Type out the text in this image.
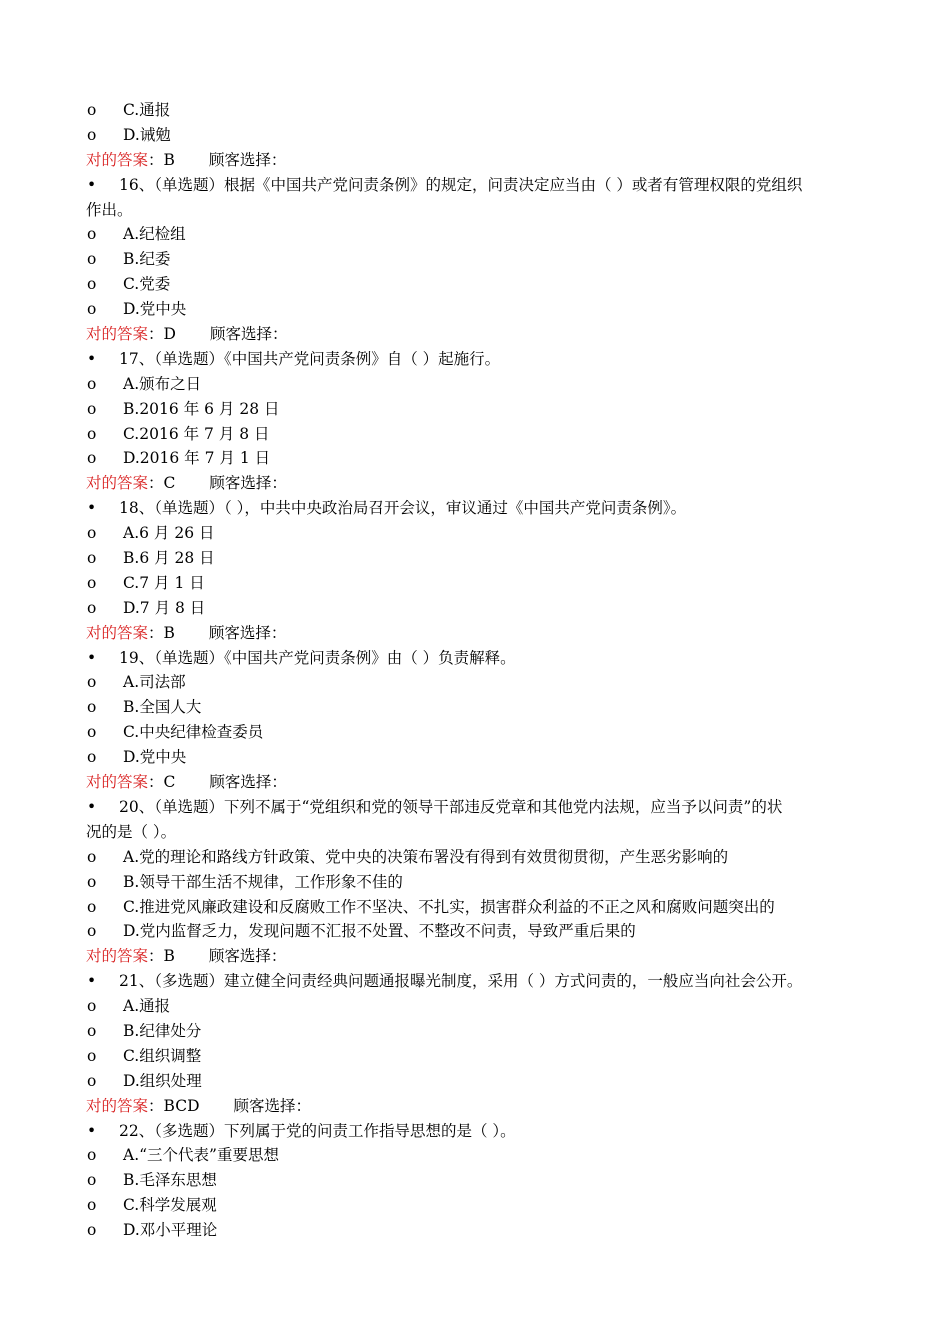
o C.通报
o D.诫勉
对的答案：B 顾客选择：
• 16、（单选题）根据《中国共产党问责条例》的规定，问责决定应当由（ ）或者有管理权限的党组织
作出。
o A.纪检组
o B.纪委
o C.党委
o D.党中央
对的答案：D 顾客选择：
• 17、（单选题）《中国共产党问责条例》自（ ）起施行。
o A.颁布之日
o B.2016 年 6 月 28 日
o C.2016 年 7 月 8 日
o D.2016 年 7 月 1 日
对的答案：C 顾客选择：
• 18、（单选题）（ ），中共中央政治局召开会议，审议通过《中国共产党问责条例》。
o A.6 月 26 日
o B.6 月 28 日
o C.7 月 1 日
o D.7 月 8 日
对的答案：B 顾客选择：
• 19、（单选题）《中国共产党问责条例》由（ ）负责解释。
o A.司法部
o B.全国人大
o C.中央纪律检查委员
o D.党中央
对的答案：C 顾客选择：
• 20、（单选题）下列不属于“党组织和党的领导干部违反党章和其他党内法规，应当予以问责”的状
况的是（ ）。
o A.党的理论和路线方针政策、党中央的决策布署没有得到有效贯彻贯彻，产生恶劣影响的
o B.领导干部生活不规律，工作形象不佳的
o C.推进党风廉政建设和反腐败工作不坚决、不扎实，损害群众利益的不正之风和腐败问题突出的
o D.党内监督乏力，发现问题不汇报不处置、不整改不问责，导致严重后果的
对的答案：B 顾客选择：
• 21、（多选题）建立健全问责经典问题通报曝光制度，采用（ ）方式问责的，一般应当向社会公开。
o A.通报
o B.纪律处分
o C.组织调整
o D.组织处理
对的答案：BCD 顾客选择：
• 22、（多选题）下列属于党的问责工作指导思想的是（ ）。
o A.“三个代表”重要思想
o B.毛泽东思想
o C.科学发展观
o D.邓小平理论
